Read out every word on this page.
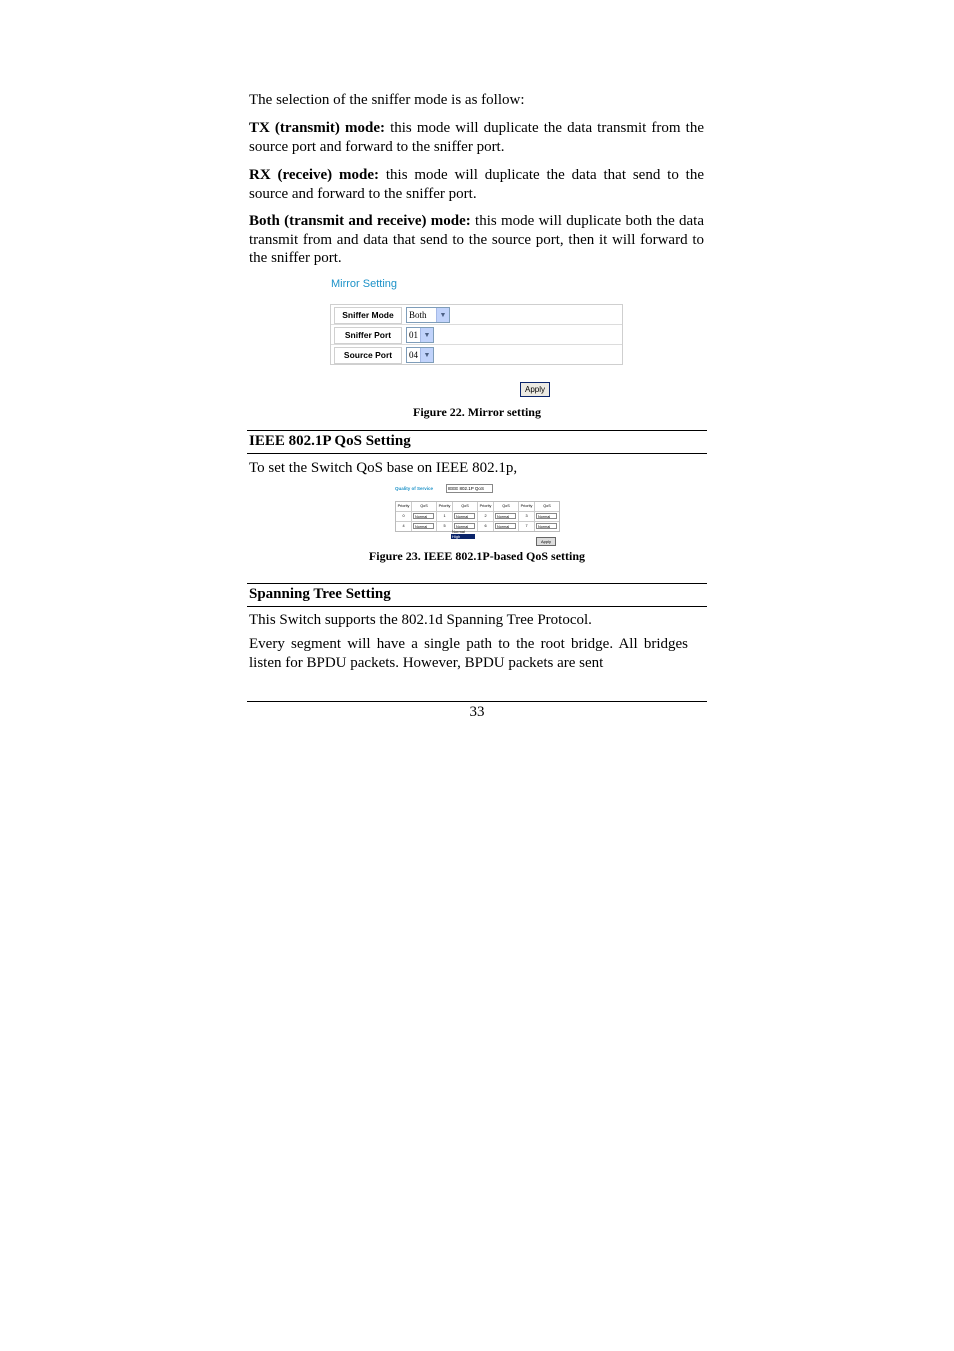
The selection of the sniffer mode is as follow:

TX (transmit) mode: this mode will duplicate the data transmit from the source port and forward to the sniffer port.

RX (receive) mode: this mode will duplicate the data that send to the source and forward to the sniffer port.

Both (transmit and receive) mode: this mode will duplicate both the data transmit from and data that send to the source port, then it will forward to the sniffer port.

Figure 22. Mirror setting
IEEE 802.1P QoS Setting

To set the Switch QoS base on IEEE 802.1p,

Figure 23. IEEE 802.1P-based QoS setting
Spanning Tree Setting

This Switch supports the 802.1d Spanning Tree Protocol.

Every segment will have a single path to the root bridge. All bridges listen for BPDU packets. However, BPDU packets are sent

33
Mirror Setting
Sniffer Mode	Both	▼
Sniffer Port	01 ▼
Source Port	04 ▼
Apply
Quality of Service	IEEE 802.1P QoS
Priority	QoS	Priority	QoS	Priority	QoS	Priority	QoS
0	Normal	1	Normal	2	Normal	3	Normal
4	Normal	5	Normal	6	Normal	7	Normal
Normal
High
Apply
